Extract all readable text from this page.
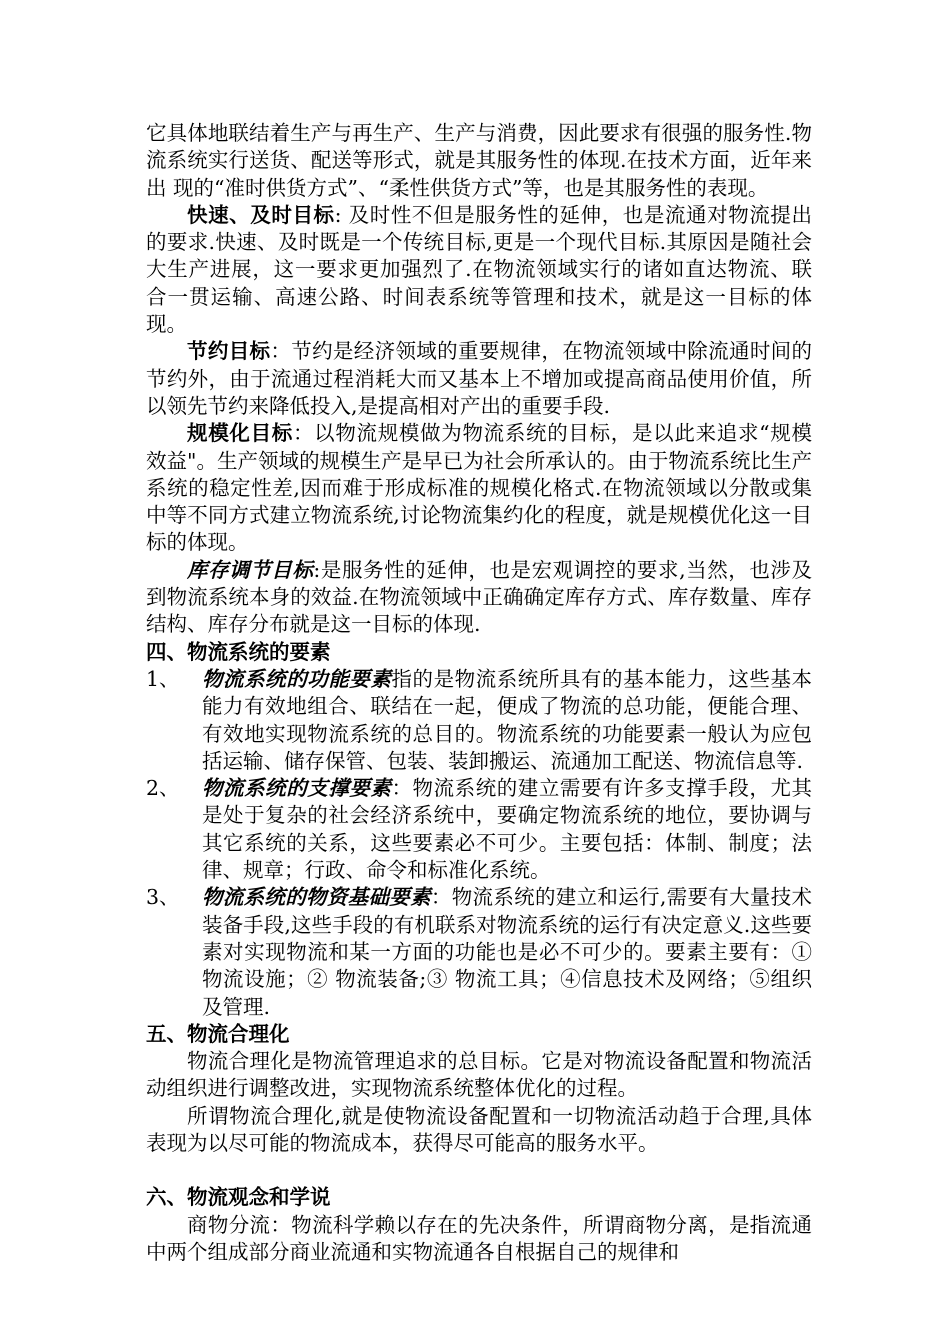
它具体地联结着生产与再生产、生产与消费，因此要求有很强的服务性.物流系统实行送货、配送等形式，就是其服务性的体现.在技术方面，近年来出 现的“准时供货方式”、“柔性供货方式”等，也是其服务性的表现。

快速、及时目标: 及时性不但是服务性的延伸，也是流通对物流提出的要求.快速、及时既是一个传统目标,更是一个现代目标.其原因是随社会大生产进展，这一要求更加强烈了.在物流领域实行的诸如直达物流、联 合一贯运输、高速公路、时间表系统等管理和技术，就是这一目标的体现。

节约目标：节约是经济领域的重要规律，在物流领域中除流通时间的节约外，由于流通过程消耗大而又基本上不增加或提高商品使用价值，所以领先节约来降低投入,是提高相对产出的重要手段.

规模化目标：以物流规模做为物流系统的目标，是以此来追求“规模效益"。生产领域的规模生产是早已为社会所承认的。由于物流系统比生产系统的稳定性差,因而难于形成标准的规模化格式.在物流领域以分散或集中等不同方式建立物流系统,讨论物流集约化的程度，就是规模优化这一目标的体现。

库存调节目标:是服务性的延伸，也是宏观调控的要求,当然，也涉及到物流系统本身的效益.在物流领域中正确确定库存方式、库存数量、库存结构、库存分布就是这一目标的体现.

四、物流系统的要素
1、	物流系统的功能要素指的是物流系统所具有的基本能力，这些基本能力有效地组合、联结在一起，便成了物流的总功能，便能合理、有效地实现物流系统的总目的。物流系统的功能要素一般认为应包括运输、储存保管、包装、装卸搬运、流通加工配送、物流信息等.
2、	物流系统的支撑要素：物流系统的建立需要有许多支撑手段，尤其是处于复杂的社会经济系统中，要确定物流系统的地位，要协调与其它系统的关系，这些要素必不可少。主要包括：体制、制度；法律、规章；行政、命令和标准化系统。
3、	物流系统的物资基础要素：物流系统的建立和运行,需要有大量技术装备手段,这些手段的有机联系对物流系统的运行有决定意义.这些要素对实现物流和某一方面的功能也是必不可少的。要素主要有：①物流设施；② 物流装备;③ 物流工具；④信息技术及网络；⑤组织及管理.
五、物流合理化

物流合理化是物流管理追求的总目标。它是对物流设备配置和物流活动组织进行调整改进，实现物流系统整体优化的过程。

所谓物流合理化,就是使物流设备配置和一切物流活动趋于合理,具体表现为以尽可能的物流成本，获得尽可能高的服务水平。

六、物流观念和学说

商物分流：物流科学赖以存在的先决条件，所谓商物分离，是指流通中两个组成部分商业流通和实物流通各自根据自己的规律和
